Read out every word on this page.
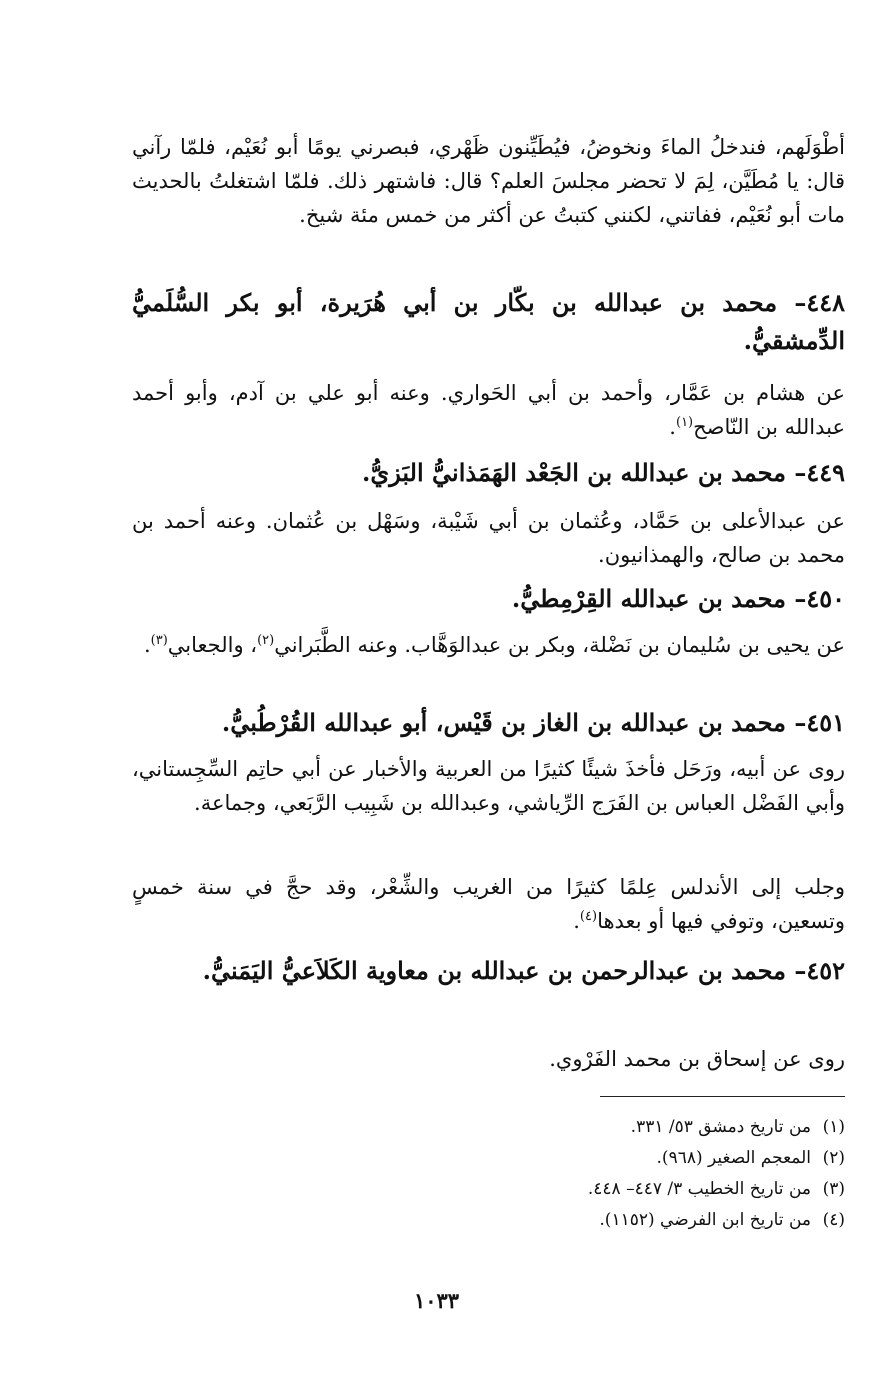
أطْوَلَهم، فندخلُ الماءَ ونخوضُ، فيُطَيِّنون ظَهْري، فبصرني يومًا أبو نُعَيْم، فلمّا رآني قال: يا مُطَيَّن، لِمَ لا تحضر مجلسَ العلم؟ قال: فاشتهر ذلك. فلمّا اشتغلتُ بالحديث مات أبو نُعَيْم، ففاتني، لكنني كتبتُ عن أكثر من خمس مئة شيخ.

٤٤٨– محمد بن عبدالله بن بكّار بن أبي هُرَيرة، أبو بكر السُّلَميُّ الدِّمشقيُّ.

عن هشام بن عَمَّار، وأحمد بن أبي الحَواري. وعنه أبو علي بن آدم، وأبو أحمد عبدالله بن النّاصح$^{(١)}$.

٤٤٩– محمد بن عبدالله بن الجَعْد الهَمَذانيُّ البَزيُّ.

عن عبدالأعلى بن حَمَّاد، وعُثمان بن أبي شَيْبة، وسَهْل بن عُثمان. وعنه أحمد بن محمد بن صالح، والهمذانيون.

٤٥٠– محمد بن عبدالله القِرْمِطيُّ.

عن يحيى بن سُليمان بن نَضْلة، وبكر بن عبدالوَهَّاب. وعنه الطَّبَراني$^{(٢)}$، والجعابي$^{(٣)}$.

٤٥١– محمد بن عبدالله بن الغاز بن قَيْس، أبو عبدالله القُرْطُبيُّ.

روى عن أبيه، ورَحَل فأخذَ شيئًا كثيرًا من العربية والأخبار عن أبي حاتِم السِّجِستاني، وأبي الفَضْل العباس بن الفَرَج الرِّياشي، وعبدالله بن شَبِيب الرَّبَعي، وجماعة.

وجلب إلى الأندلس عِلمًا كثيرًا من الغريب والشِّعْر، وقد حجَّ في سنة خمسٍ وتسعين، وتوفي فيها أو بعدها$^{(٤)}$.

٤٥٢– محمد بن عبدالرحمن بن عبدالله بن معاوية الكَلاَعيُّ اليَمَنيُّ.

روى عن إسحاق بن محمد الفَرْوي.

(١)من تاريخ دمشق ٥٣/ ٣٣١.
(٢)المعجم الصغير (٩٦٨).
(٣)من تاريخ الخطيب ٣/ ٤٤٧– ٤٤٨.
(٤)من تاريخ ابن الفرضي (١١٥٢).
١٠٣٣
